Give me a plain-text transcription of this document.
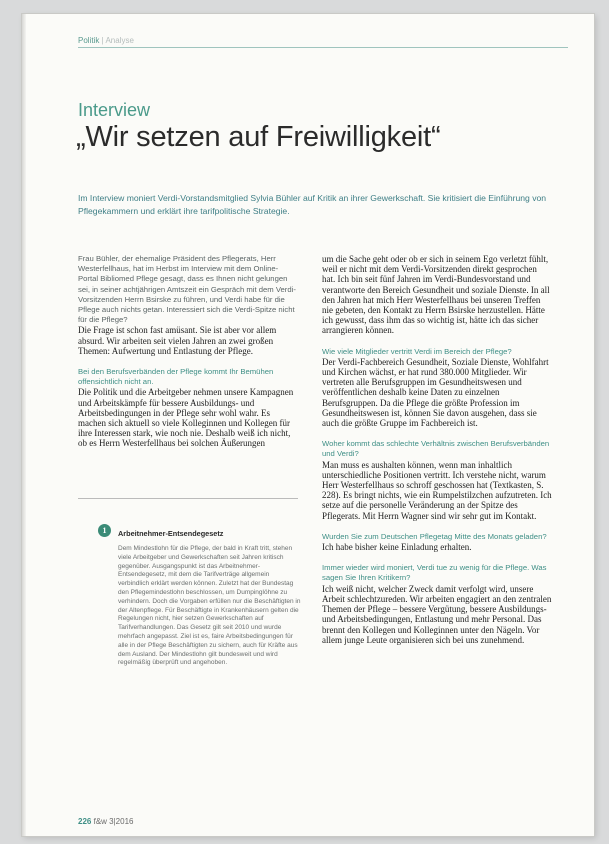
Politik | Analyse
Interview
„Wir setzen auf Freiwilligkeit“
Im Interview moniert Verdi-Vorstandsmitglied Sylvia Bühler auf Kritik an ihrer Gewerkschaft. Sie kritisiert die Einführung von Pflegekammern und erklärt ihre tarifpolitische Strategie.

Frau Bühler, der ehemalige Präsident des Pflegerats, Herr Westerfellhaus, hat im Herbst im Interview mit dem Online-Portal Bibliomed Pflege gesagt, dass es Ihnen nicht gelungen sei, in seiner achtjährigen Amtszeit ein Gespräch mit dem Verdi-Vorsitzenden Herrn Bsirske zu führen, und Verdi habe für die Pflege auch nichts getan. Interessiert sich die Verdi-Spitze nicht für die Pflege?

Die Frage ist schon fast amüsant. Sie ist aber vor allem absurd. Wir arbeiten seit vielen Jahren an zwei großen Themen: Aufwertung und Entlastung der Pflege.

Bei den Berufsverbänden der Pflege kommt Ihr Bemühen offensichtlich nicht an.

Die Politik und die Arbeitgeber nehmen unsere Kampagnen und Arbeitskämpfe für bessere Ausbildungs- und Arbeitsbedingungen in der Pflege sehr wohl wahr. Es machen sich aktuell so viele Kolleginnen und Kollegen für ihre Interessen stark, wie noch nie. Deshalb weiß ich nicht, ob es Herrn Westerfellhaus bei solchen Äußerungen

um die Sache geht oder ob er sich in seinem Ego verletzt fühlt, weil er nicht mit dem Verdi-Vorsitzenden direkt gesprochen hat. Ich bin seit fünf Jahren im Verdi-Bundesvorstand und verantworte den Bereich Gesundheit und soziale Dienste. In all den Jahren hat mich Herr Westerfellhaus bei unseren Treffen nie gebeten, den Kontakt zu Herrn Bsirske herzustellen. Hätte ich gewusst, dass ihm das so wichtig ist, hätte ich das sicher arrangieren können.

Wie viele Mitglieder vertritt Verdi im Bereich der Pflege?

Der Verdi-Fachbereich Gesundheit, Soziale Dienste, Wohlfahrt und Kirchen wächst, er hat rund 380.000 Mitglieder. Wir vertreten alle Berufsgruppen im Gesundheitswesen und veröffentlichen deshalb keine Daten zu einzelnen Berufsgruppen. Da die Pflege die größte Profession im Gesundheitswesen ist, können Sie davon ausgehen, dass sie auch die größte Gruppe im Fachbereich ist.

Woher kommt das schlechte Verhältnis zwischen Berufsverbänden und Verdi?

Man muss es aushalten können, wenn man inhaltlich unterschiedliche Positionen vertritt. Ich verstehe nicht, warum Herr Westerfellhaus so schroff geschossen hat (Textkasten, S. 228). Es bringt nichts, wie ein Rumpelstilzchen aufzutreten. Ich setze auf die personelle Veränderung an der Spitze des Pflegerats. Mit Herrn Wagner sind wir sehr gut im Kontakt.

Wurden Sie zum Deutschen Pflegetag Mitte des Monats geladen?

Ich habe bisher keine Einladung erhalten.

Immer wieder wird moniert, Verdi tue zu wenig für die Pflege. Was sagen Sie Ihren Kritikern?

Ich weiß nicht, welcher Zweck damit verfolgt wird, unsere Arbeit schlechtzureden. Wir arbeiten engagiert an den zentralen Themen der Pflege – bessere Vergütung, bessere Ausbildungs- und Arbeitsbedingungen, Entlastung und mehr Personal. Das brennt den Kollegen und Kolleginnen unter den Nägeln. Vor allem junge Leute organisieren sich bei uns zunehmend.

1	Arbeitnehmer-Entsendegesetz

Dem Mindestlohn für die Pflege, der bald in Kraft tritt, stehen viele Arbeitgeber und Gewerkschaften seit Jahren kritisch gegenüber. Ausgangspunkt ist das Arbeitnehmer-Entsendegesetz, mit dem die Tarifverträge allgemein verbindlich erklärt werden können. Zuletzt hat der Bundestag den Pflegemindestlohn beschlossen, um Dumpinglöhne zu verhindern. Doch die Vorgaben erfüllen nur die Beschäftigten in der Altenpflege. Für Beschäftigte in Krankenhäusern gelten die Regelungen nicht, hier setzen Gewerkschaften auf Tarifverhandlungen. Das Gesetz gilt seit 2010 und wurde mehrfach angepasst. Ziel ist es, faire Arbeitsbedingungen für alle in der Pflege Beschäftigten zu sichern, auch für Kräfte aus dem Ausland. Der Mindestlohn gilt bundesweit und wird regelmäßig überprüft und angehoben.

226 f&w 3|2016
